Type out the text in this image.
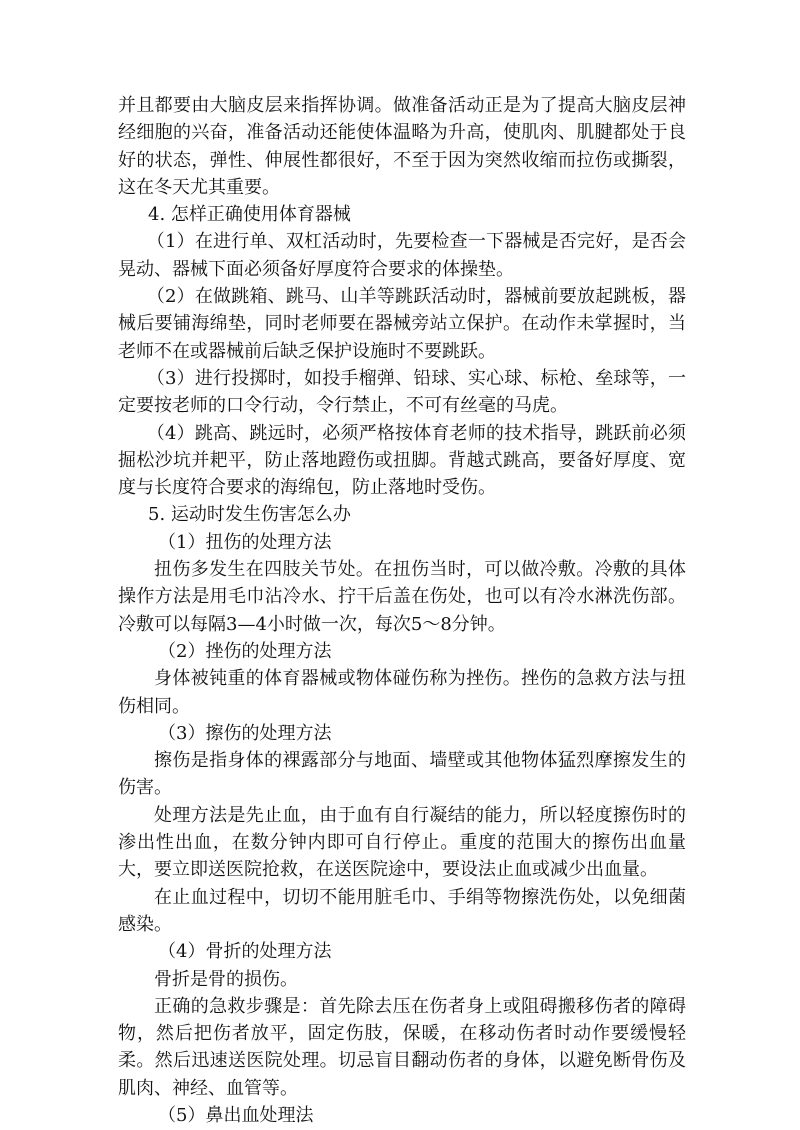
并且都要由大脑皮层来指挥协调。做准备活动正是为了提高大脑皮层神经细胞的兴奋，准备活动还能使体温略为升高，使肌肉、肌腱都处于良好的状态，弹性、伸展性都很好，不至于因为突然收缩而拉伤或撕裂，这在冬天尤其重要。

4. 怎样正确使用体育器械

（1）在进行单、双杠活动时，先要检查一下器械是否完好，是否会晃动、器械下面必须备好厚度符合要求的体操垫。

（2）在做跳箱、跳马、山羊等跳跃活动时，器械前要放起跳板，器械后要铺海绵垫，同时老师要在器械旁站立保护。在动作未掌握时，当老师不在或器械前后缺乏保护设施时不要跳跃。

（3）进行投掷时，如投手榴弹、铅球、实心球、标枪、垒球等，一定要按老师的口令行动，令行禁止，不可有丝毫的马虎。

（4）跳高、跳远时，必须严格按体育老师的技术指导，跳跃前必须掘松沙坑并耙平，防止落地蹬伤或扭脚。背越式跳高，要备好厚度、宽度与长度符合要求的海绵包，防止落地时受伤。

5. 运动时发生伤害怎么办

（1）扭伤的处理方法

扭伤多发生在四肢关节处。在扭伤当时，可以做冷敷。冷敷的具体操作方法是用毛巾沾冷水、拧干后盖在伤处，也可以有冷水淋洗伤部。冷敷可以每隔3—4小时做一次，每次5～8分钟。

（2）挫伤的处理方法

身体被钝重的体育器械或物体碰伤称为挫伤。挫伤的急救方法与扭伤相同。

（3）擦伤的处理方法

擦伤是指身体的裸露部分与地面、墙壁或其他物体猛烈摩擦发生的伤害。

处理方法是先止血，由于血有自行凝结的能力，所以轻度擦伤时的渗出性出血，在数分钟内即可自行停止。重度的范围大的擦伤出血量大，要立即送医院抢救，在送医院途中，要设法止血或减少出血量。

在止血过程中，切切不能用脏毛巾、手绢等物擦洗伤处，以免细菌感染。

（4）骨折的处理方法

骨折是骨的损伤。

正确的急救步骤是：首先除去压在伤者身上或阻碍搬移伤者的障碍物，然后把伤者放平，固定伤肢，保暖，在移动伤者时动作要缓慢轻柔。然后迅速送医院处理。切忌盲目翻动伤者的身体，以避免断骨伤及肌肉、神经、血管等。

（5）鼻出血处理法
